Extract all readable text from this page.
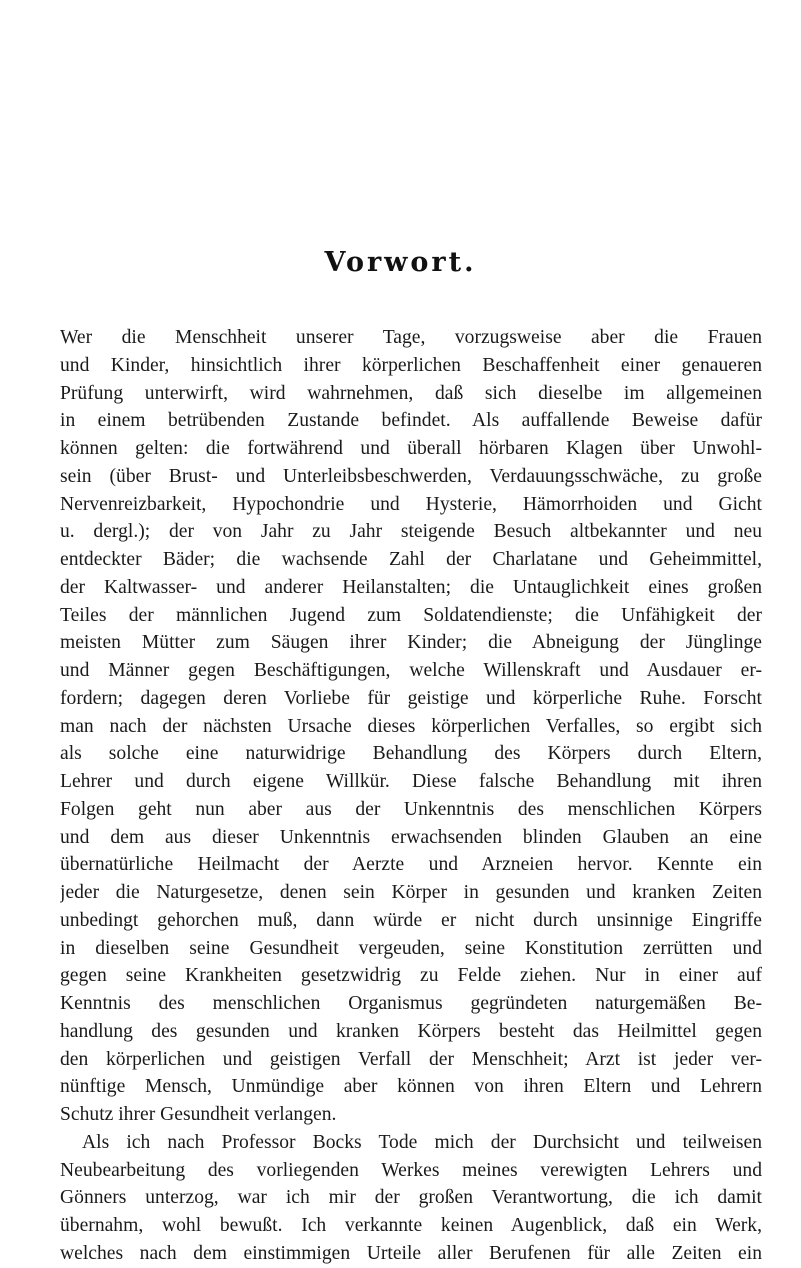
Vorwort.
Wer die Menschheit unserer Tage, vorzugsweise aber die Frauen
und Kinder, hinsichtlich ihrer körperlichen Beschaffenheit einer genaueren
Prüfung unterwirft, wird wahrnehmen, daß sich dieselbe im allgemeinen
in einem betrübenden Zustande befindet. Als auffallende Beweise dafür
können gelten: die fortwährend und überall hörbaren Klagen über Unwohl-
sein (über Brust- und Unterleibsbeschwerden, Verdauungsschwäche, zu große
Nervenreizbarkeit, Hypochondrie und Hysterie, Hämorrhoiden und Gicht
u. dergl.); der von Jahr zu Jahr steigende Besuch altbekannter und neu
entdeckter Bäder; die wachsende Zahl der Charlatane und Geheimmittel,
der Kaltwasser- und anderer Heilanstalten; die Untauglichkeit eines großen
Teiles der männlichen Jugend zum Soldatendienste; die Unfähigkeit der
meisten Mütter zum Säugen ihrer Kinder; die Abneigung der Jünglinge
und Männer gegen Beschäftigungen, welche Willenskraft und Ausdauer er-
fordern; dagegen deren Vorliebe für geistige und körperliche Ruhe. Forscht
man nach der nächsten Ursache dieses körperlichen Verfalles, so ergibt sich
als solche eine naturwidrige Behandlung des Körpers durch Eltern,
Lehrer und durch eigene Willkür. Diese falsche Behandlung mit ihren
Folgen geht nun aber aus der Unkenntnis des menschlichen Körpers
und dem aus dieser Unkenntnis erwachsenden blinden Glauben an eine
übernatürliche Heilmacht der Aerzte und Arzneien hervor. Kennte ein
jeder die Naturgesetze, denen sein Körper in gesunden und kranken Zeiten
unbedingt gehorchen muß, dann würde er nicht durch unsinnige Eingriffe
in dieselben seine Gesundheit vergeuden, seine Konstitution zerrütten und
gegen seine Krankheiten gesetzwidrig zu Felde ziehen. Nur in einer auf
Kenntnis des menschlichen Organismus gegründeten naturgemäßen Be-
handlung des gesunden und kranken Körpers besteht das Heilmittel gegen
den körperlichen und geistigen Verfall der Menschheit; Arzt ist jeder ver-
nünftige Mensch, Unmündige aber können von ihren Eltern und Lehrern
Schutz ihrer Gesundheit verlangen.
Als ich nach Professor Bocks Tode mich der Durchsicht und teilweisen
Neubearbeitung des vorliegenden Werkes meines verewigten Lehrers und
Gönners unterzog, war ich mir der großen Verantwortung, die ich damit
übernahm, wohl bewußt. Ich verkannte keinen Augenblick, daß ein Werk,
welches nach dem einstimmigen Urteile aller Berufenen für alle Zeiten ein
